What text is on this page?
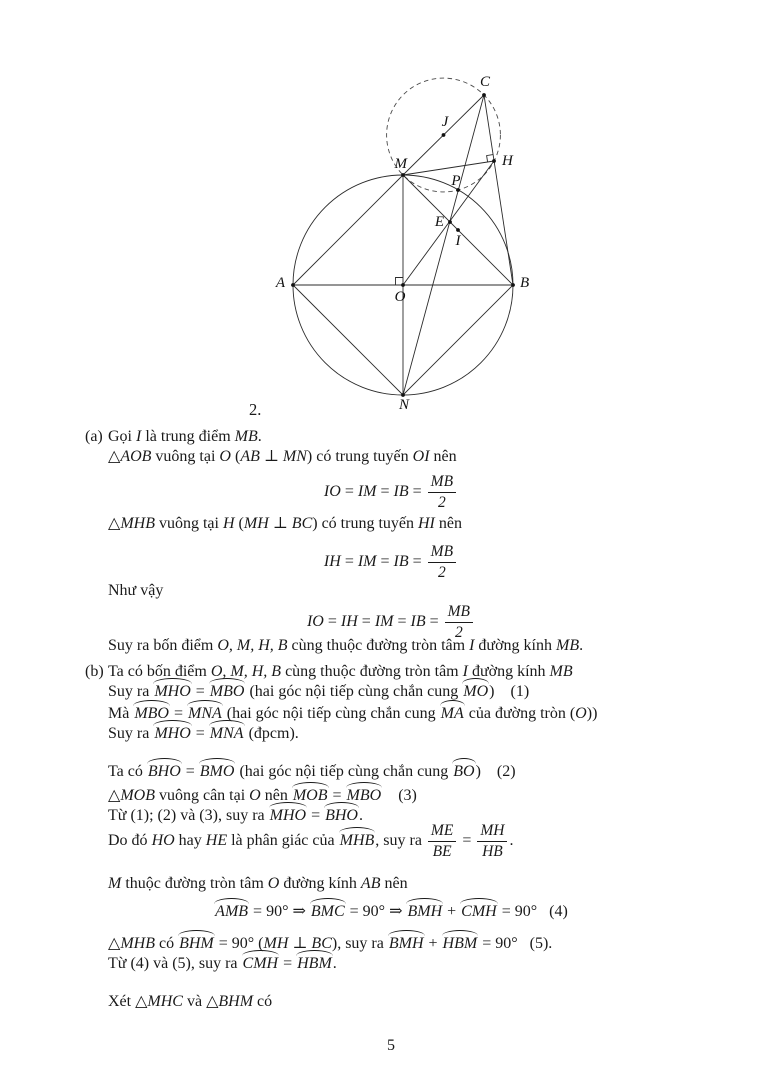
A	B
O
M
N
C
J
H
P
E
I
2.
(a) Gọi I là trung điểm MB.
△AOB vuông tại O (AB ⊥ MN) có trung tuyến OI nên
IO = IM = IB = $\frac{MB}{2}$
△MHB vuông tại H (MH ⊥ BC) có trung tuyến HI nên
IH = IM = IB = $\frac{MB}{2}$
Như vậy
IO = IH = IM = IB = $\frac{MB}{2}$
Suy ra bốn điểm O, M, H, B cùng thuộc đường tròn tâm I đường kính MB.
(b) Ta có bốn điểm O, M, H, B cùng thuộc đường tròn tâm I đường kính MB
Suy ra MHO = MBO (hai góc nội tiếp cùng chắn cung MO)    (1)
Mà MBO = MNA (hai góc nội tiếp cùng chắn cung MA của đường tròn (O))
Suy ra MHO = MNA (đpcm).
Ta có BHO = BMO (hai góc nội tiếp cùng chắn cung BO)    (2)
△MOB vuông cân tại O nên MOB = MBO    (3)
Từ (1); (2) và (3), suy ra MHO = BHO.
Do đó HO hay HE là phân giác của MHB , suy ra $\frac{ME}{BE} = \frac{MH}{HB}$ .
M thuộc đường tròn tâm O đường kính AB nên
AMB = 90° ⇒ BMC = 90° ⇒ BMH + CMH = 90°   (4)
△MHB có BHM = 90° (MH ⊥ BC), suy ra BMH + HBM = 90°   (5).
Từ (4) và (5), suy ra CMH = HBM.
Xét △MHC và △BHM có
5
